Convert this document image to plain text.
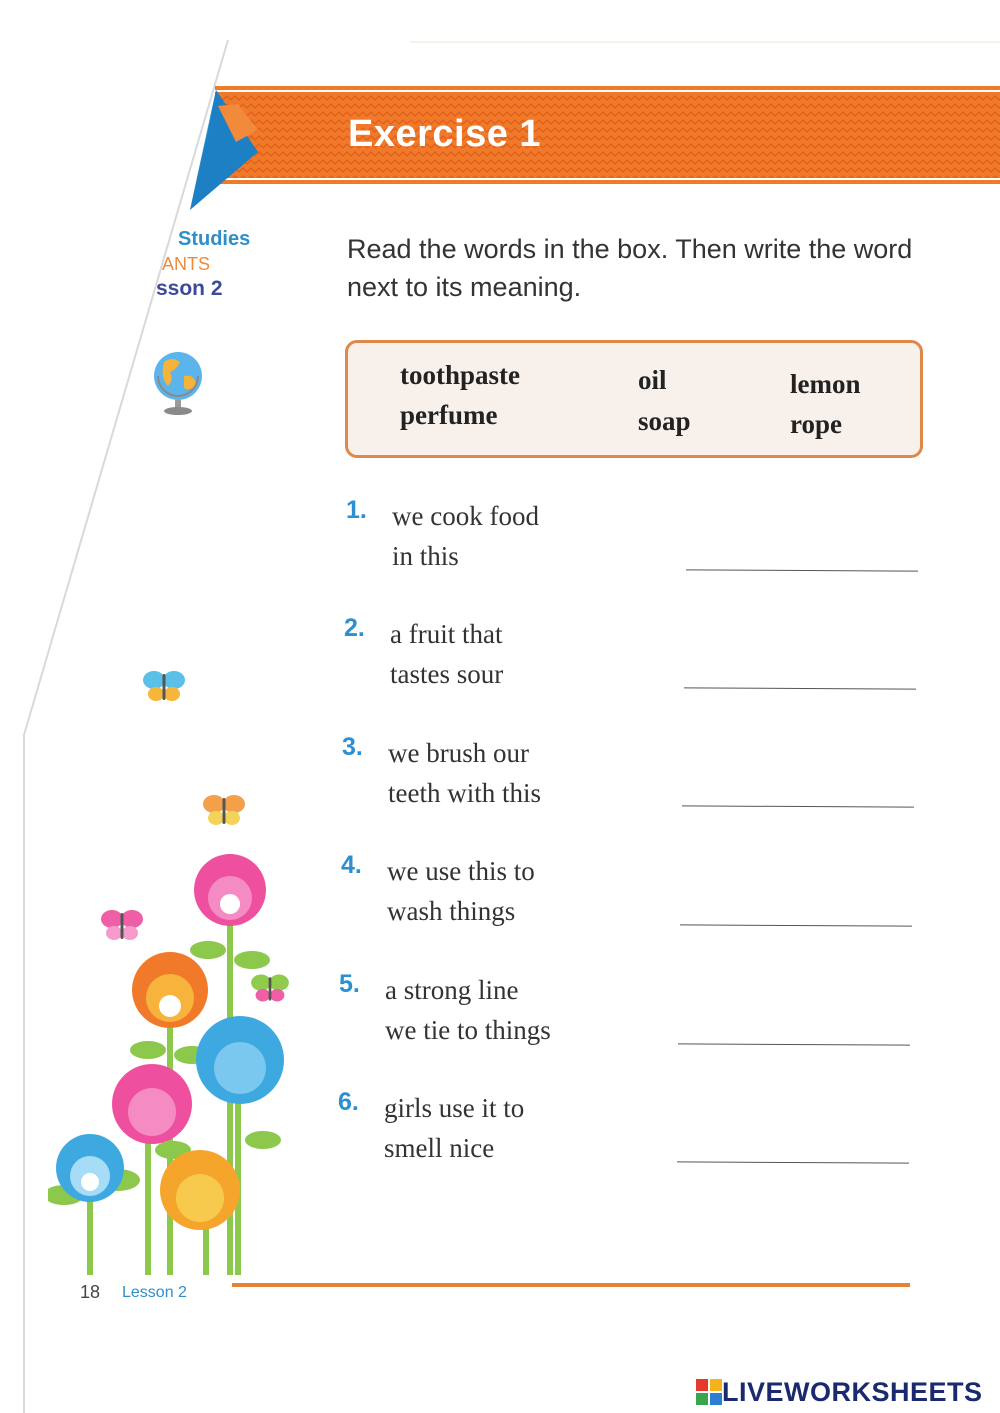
Exercise 1
Studies
ANTS
sson 2
Read the words in the box. Then write the word next to its meaning.
toothpaste	oil	lemon
perfume	soap	rope
1. we cook food
in this
2. a fruit that
tastes sour
3. we brush our
teeth with this
4. we use this to
wash things
5. a strong line
we tie to things
6. girls use it to
smell nice
18 Lesson 2
LIVEWORKSHEETS
